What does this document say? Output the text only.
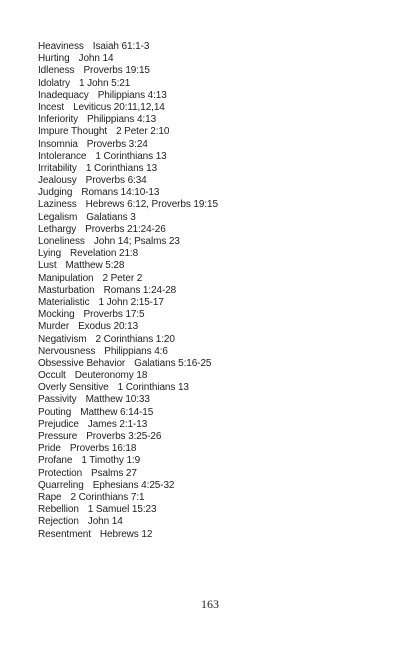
Heaviness Isaiah 61:1-3
Hurting John 14
Idleness Proverbs 19:15
Idolatry 1 John 5:21
Inadequacy Philippians 4:13
Incest Leviticus 20:11,12,14
Inferiority Philippians 4:13
Impure Thought 2 Peter 2:10
Insomnia Proverbs 3:24
Intolerance 1 Corinthians 13
Irritability 1 Corinthians 13
Jealousy Proverbs 6:34
Judging Romans 14:10-13
Laziness Hebrews 6:12, Proverbs 19:15
Legalism Galatians 3
Lethargy Proverbs 21:24-26
Loneliness John 14; Psalms 23
Lying Revelation 21:8
Lust Matthew 5:28
Manipulation 2 Peter 2
Masturbation Romans 1:24-28
Materialistic 1 John 2:15-17
Mocking Proverbs 17:5
Murder Exodus 20:13
Negativism 2 Corinthians 1:20
Nervousness Philippians 4:6
Obsessive Behavior Galatians 5:16-25
Occult Deuteronomy 18
Overly Sensitive 1 Corinthians 13
Passivity Matthew 10:33
Pouting Matthew 6:14-15
Prejudice James 2:1-13
Pressure Proverbs 3:25-26
Pride Proverbs 16:18
Profane 1 Timothy 1:9
Protection Psalms 27
Quarreling Ephesians 4:25-32
Rape 2 Corinthians 7:1
Rebellion 1 Samuel 15:23
Rejection John 14
Resentment Hebrews 12
163
